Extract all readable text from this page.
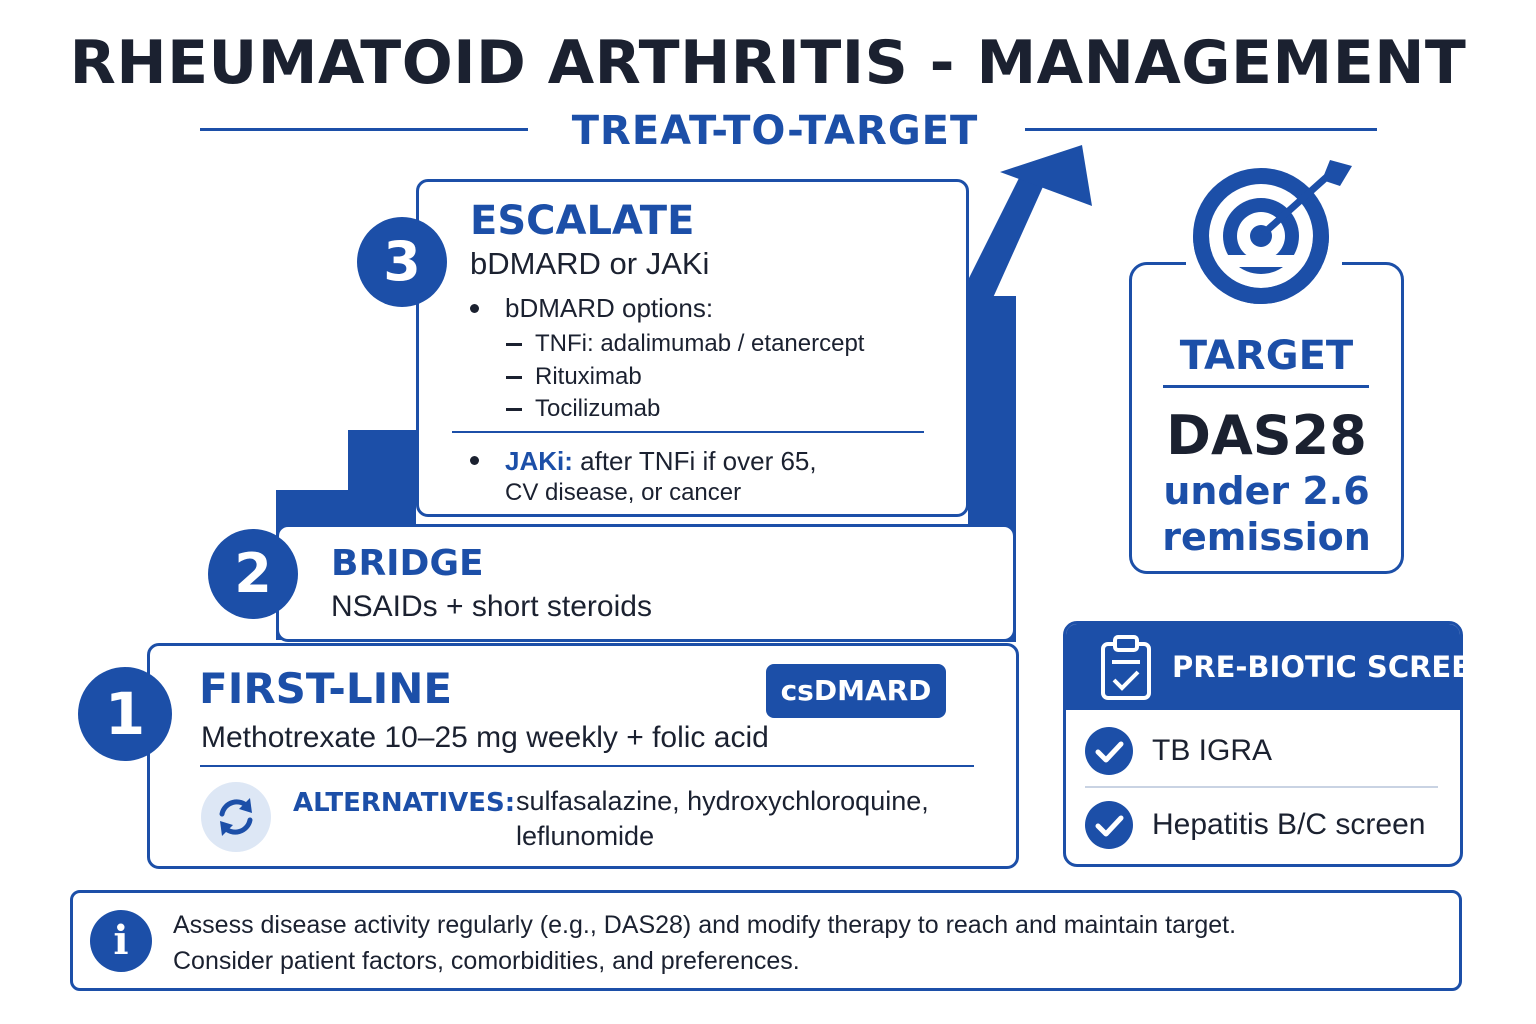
RHEUMATOID ARTHRITIS - MANAGEMENT
TREAT-TO-TARGET
3
ESCALATE
bDMARD or JAKi
bDMARD options:
TNFi: adalimumab / etanercept
Rituximab
Tocilizumab
JAKi: after TNFi if over 65,
CV disease, or cancer
2	BRIDGE
NSAIDs + short steroids
1	FIRST-LINE	csDMARD
Methotrexate 10–25 mg weekly + folic acid
ALTERNATIVES: sulfasalazine, hydroxychloroquine,
leflunomide
TARGET
DAS28
under 2.6
remission
PRE-BIOTIC SCREEN
TB IGRA
Hepatitis B/C screen
i	Assess disease activity regularly (e.g., DAS28) and modify therapy to reach and maintain target.
Consider patient factors, comorbidities, and preferences.
